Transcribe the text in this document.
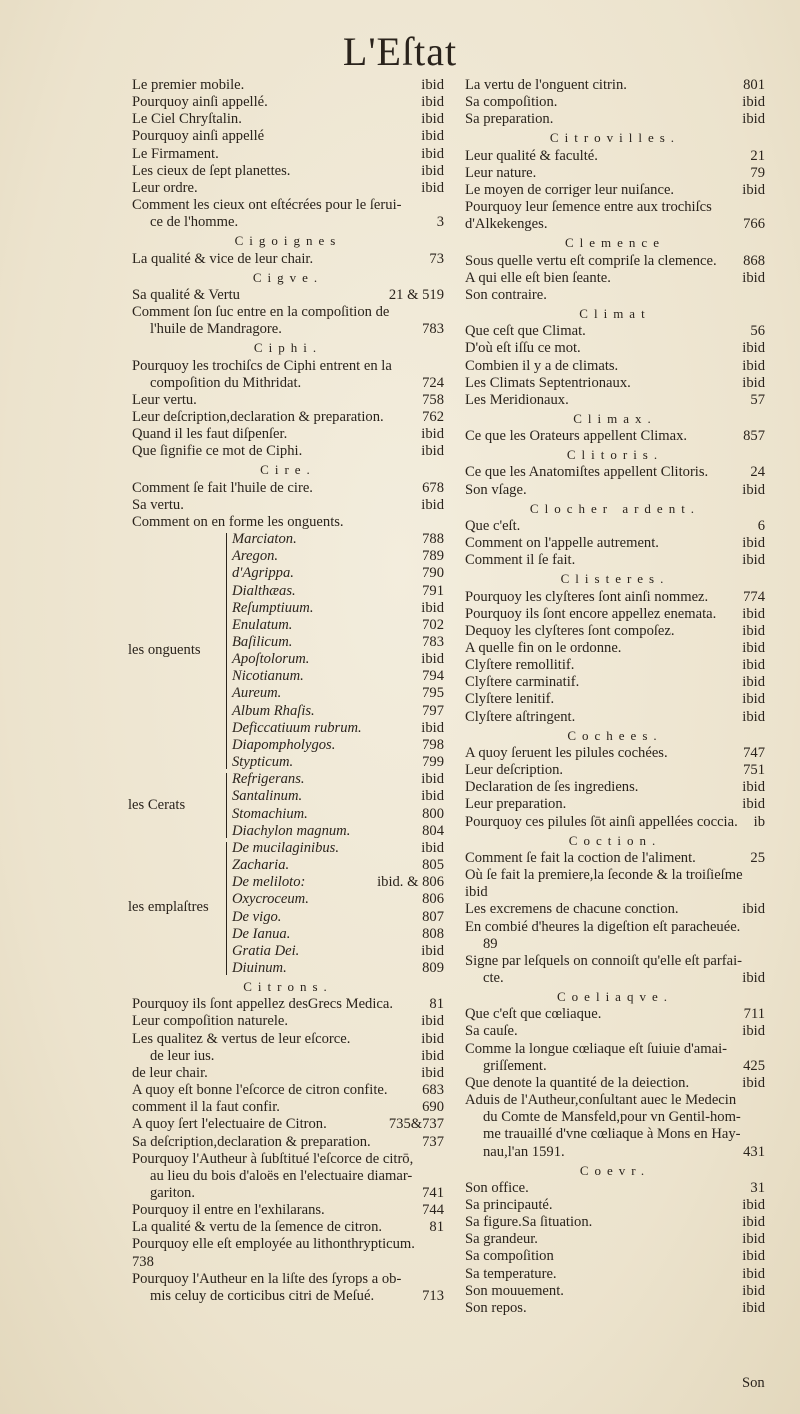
L'Eſtat
Le premier mobile.	ibid
Pourquoy ainſi appellé.	ibid
Le Ciel Chryſtalin.	ibid
Pourquoy ainſi appellé	ibid
Le Firmament.	ibid
Les cieux de ſept planettes.	ibid
Leur ordre.	ibid
Comment les cieux ont eſtécrées pour le ſerui-
ce de l'homme.	3
Cigoignes
La qualité & vice de leur chair.	73
Cigve.
Sa qualité & Vertu	21 & 519
Comment ſon ſuc entre en la compoſition de
l'huile de Mandragore.	783
Ciphi.
Pourquoy les trochiſcs de Ciphi entrent en la
compoſition du Mithridat.	724
Leur vertu.	758
Leur deſcription,declaration & preparation.	762
Quand il les faut diſpenſer.	ibid
Que ſignifie ce mot de Ciphi.	ibid
Cire.
Comment ſe fait l'huile de cire.	678
Sa vertu.	ibid
Comment on en forme les onguents.
Marciaton.	788
Aregon.	789
d'Agrippa.	790
Dialthæas.	791
Reſumptiuum.	ibid
Enulatum.	702
Baſilicum.	783
Apoſtolorum.	ibid
Nicotianum.	794
Aureum.	795
Album Rhaſis.	797
Deficcatiuum rubrum.	ibid
Diapompholygos.	798
Stypticum.	799
les onguents
Refrigerans.	ibid
Santalinum.	ibid
Stomachium.	800
Diachylon magnum.	804
les Cerats
De mucilaginibus.	ibid
Zacharia.	805
De meliloto:	ibid. & 806
Oxycroceum.	806
De vigo.	807
De Ianua.	808
Gratia Dei.	ibid
Diuinum.	809
les emplaſtres
Citrons.
Pourquoy ils ſont appellez desGrecs Medica. 81
Leur compoſition naturele.	ibid
Les qualitez & vertus de leur eſcorce.	ibid
de leur ius.	ibid
de leur chair.	ibid
A quoy eſt bonne l'eſcorce de citron confite. 683
comment il la faut confir.	690
A quoy ſert l'electuaire de Citron.	735&737
Sa deſcription,declaration & preparation.	737
Pourquoy l'Autheur à ſubſtitué l'eſcorce de citrō,
au lieu du bois d'aloës en l'electuaire diamar-
gariton.	741
Pourquoy il entre en l'exhilarans.	744
La qualité & vertu de la ſemence de citron.	81
Pourquoy elle eſt employée au lithonthrypticum.
738
Pourquoy l'Autheur en la liſte des ſyrops a ob-
mis celuy de corticibus citri de Meſué.	713
La vertu de l'onguent citrin.	801
Sa compoſition.	ibid
Sa preparation.	ibid
Citrovilles.
Leur qualité & faculté.	21
Leur nature.	79
Le moyen de corriger leur nuiſance.	ibid
Pourquoy leur ſemence entre aux trochiſcs
d'Alkekenges.	766
Clemence
Sous quelle vertu eſt compriſe la clemence. 868
A qui elle eſt bien ſeante.	ibid
Son contraire.
Climat
Que ceſt que Climat.	56
D'où eſt iſſu ce mot.	ibid
Combien il y a de climats.	ibid
Les Climats Septentrionaux.	ibid
Les Meridionaux.	57
Climax.
Ce que les Orateurs appellent Climax.	857
Clitoris.
Ce que les Anatomiſtes appellent Clitoris.	24
Son vſage.	ibid
Clocher ardent.
Que c'eſt.	6
Comment on l'appelle autrement.	ibid
Comment il ſe fait.	ibid
Clisteres.
Pourquoy les clyſteres ſont ainſi nommez. 774
Pourquoy ils ſont encore appellez enemata. ibid
Dequoy les clyſteres ſont compoſez.	ibid
A quelle fin on le ordonne.	ibid
Clyſtere remollitif.	ibid
Clyſtere carminatif.	ibid
Clyſtere lenitif.	ibid
Clyſtere aſtringent.	ibid
Cochees.
A quoy ſeruent les pilules cochées.	747
Leur deſcription.	751
Declaration de ſes ingrediens.	ibid
Leur preparation.	ibid
Pourquoy ces pilules ſōt ainſi appellées coccia. ib
Coction.
Comment ſe fait la coction de l'aliment.	25
Où ſe fait la premiere,la ſeconde & la troiſieſme
ibid
Les excremens de chacune conction.	ibid
En combié d'heures la digeſtion eſt paracheuée.
89
Signe par leſquels on connoiſt qu'elle eſt parfai-
cte.	ibid
Coeliaqve.
Que c'eſt que cœliaque.	711
Sa cauſe.	ibid
Comme la longue cœliaque eſt ſuiuie d'amai-
griſſement.	425
Que denote la quantité de la deiection.	ibid
Aduis de l'Autheur,conſultant auec le Medecin
du Comte de Mansfeld,pour vn Gentil-hom-
me trauaillé d'vne cœliaque à Mons en Hay-
nau,l'an 1591.	431
Coevr.
Son office.	31
Sa principauté.	ibid
Sa figure.Sa ſituation.	ibid
Sa grandeur.	ibid
Sa compoſition	ibid
Sa temperature.	ibid
Son mouuement.	ibid
Son repos.	ibid
Son
